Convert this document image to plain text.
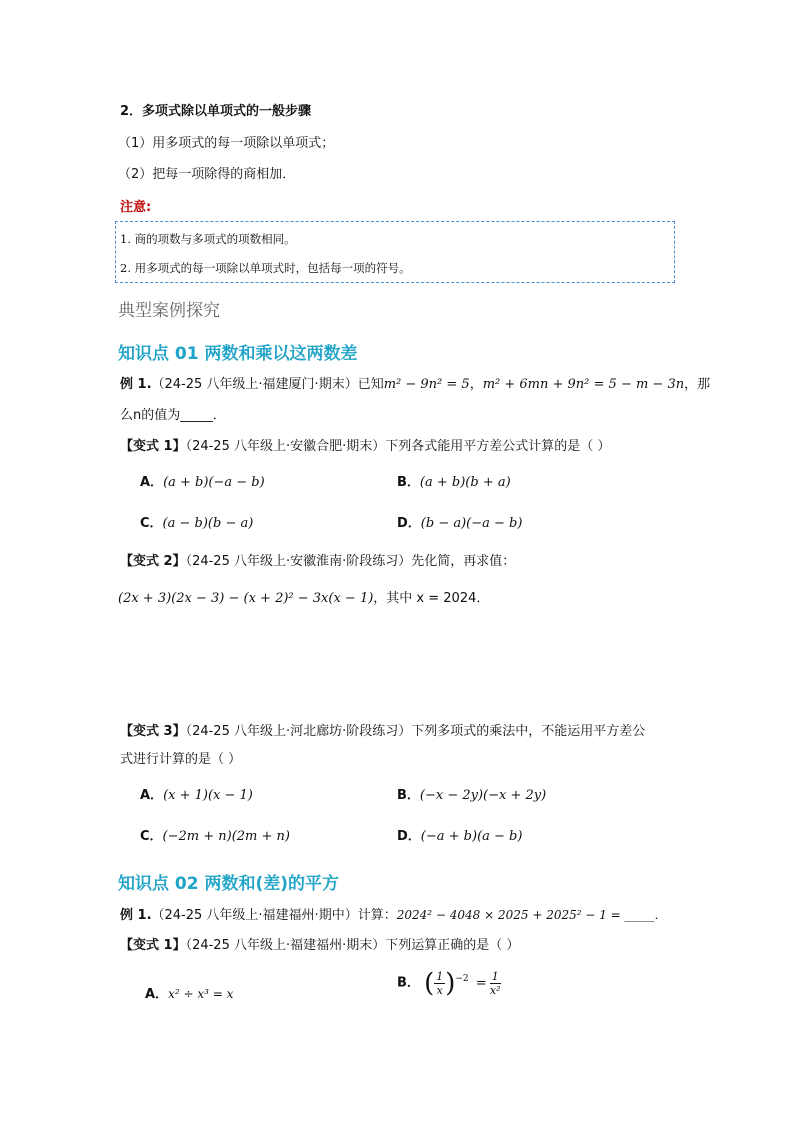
2．多项式除以单项式的一般步骤
（1）用多项式的每一项除以单项式；
（2）把每一项除得的商相加．
注意:
1. 商的项数与多项式的项数相同。
2. 用多项式的每一项除以单项式时，包括每一项的符号。
典型案例探究
知识点 01 两数和乘以这两数差
例 1.（24-25 八年级上·福建厦门·期末）已知m² − 9n² = 5，m² + 6mn + 9n² = 5 − m − 3n，那
么n的值为_____．
【变式 1】（24-25 八年级上·安徽合肥·期末）下列各式能用平方差公式计算的是（ ）
A．(a + b)(−a − b)	B．(a + b)(b + a)
C．(a − b)(b − a)	D．(b − a)(−a − b)
【变式 2】（24-25 八年级上·安徽淮南·阶段练习）先化简，再求值：
(2x + 3)(2x − 3) − (x + 2)² − 3x(x − 1)，其中 x = 2024．
【变式 3】（24-25 八年级上·河北廊坊·阶段练习）下列多项式的乘法中，不能运用平方差公
式进行计算的是（ ）
A．(x + 1)(x − 1)	B．(−x − 2y)(−x + 2y)
C．(−2m + n)(2m + n)	D．(−a + b)(a − b)
知识点 02 两数和(差)的平方
例 1.（24-25 八年级上·福建福州·期中）计算：2024² − 4048 × 2025 + 2025² − 1 = _____．
【变式 1】（24-25 八年级上·福建福州·期末）下列运算正确的是（ ）
A．x² ÷ x³ = x
B． ( $\frac{1}{x} )^{-2} = \frac{1}{\text{x²}}$
